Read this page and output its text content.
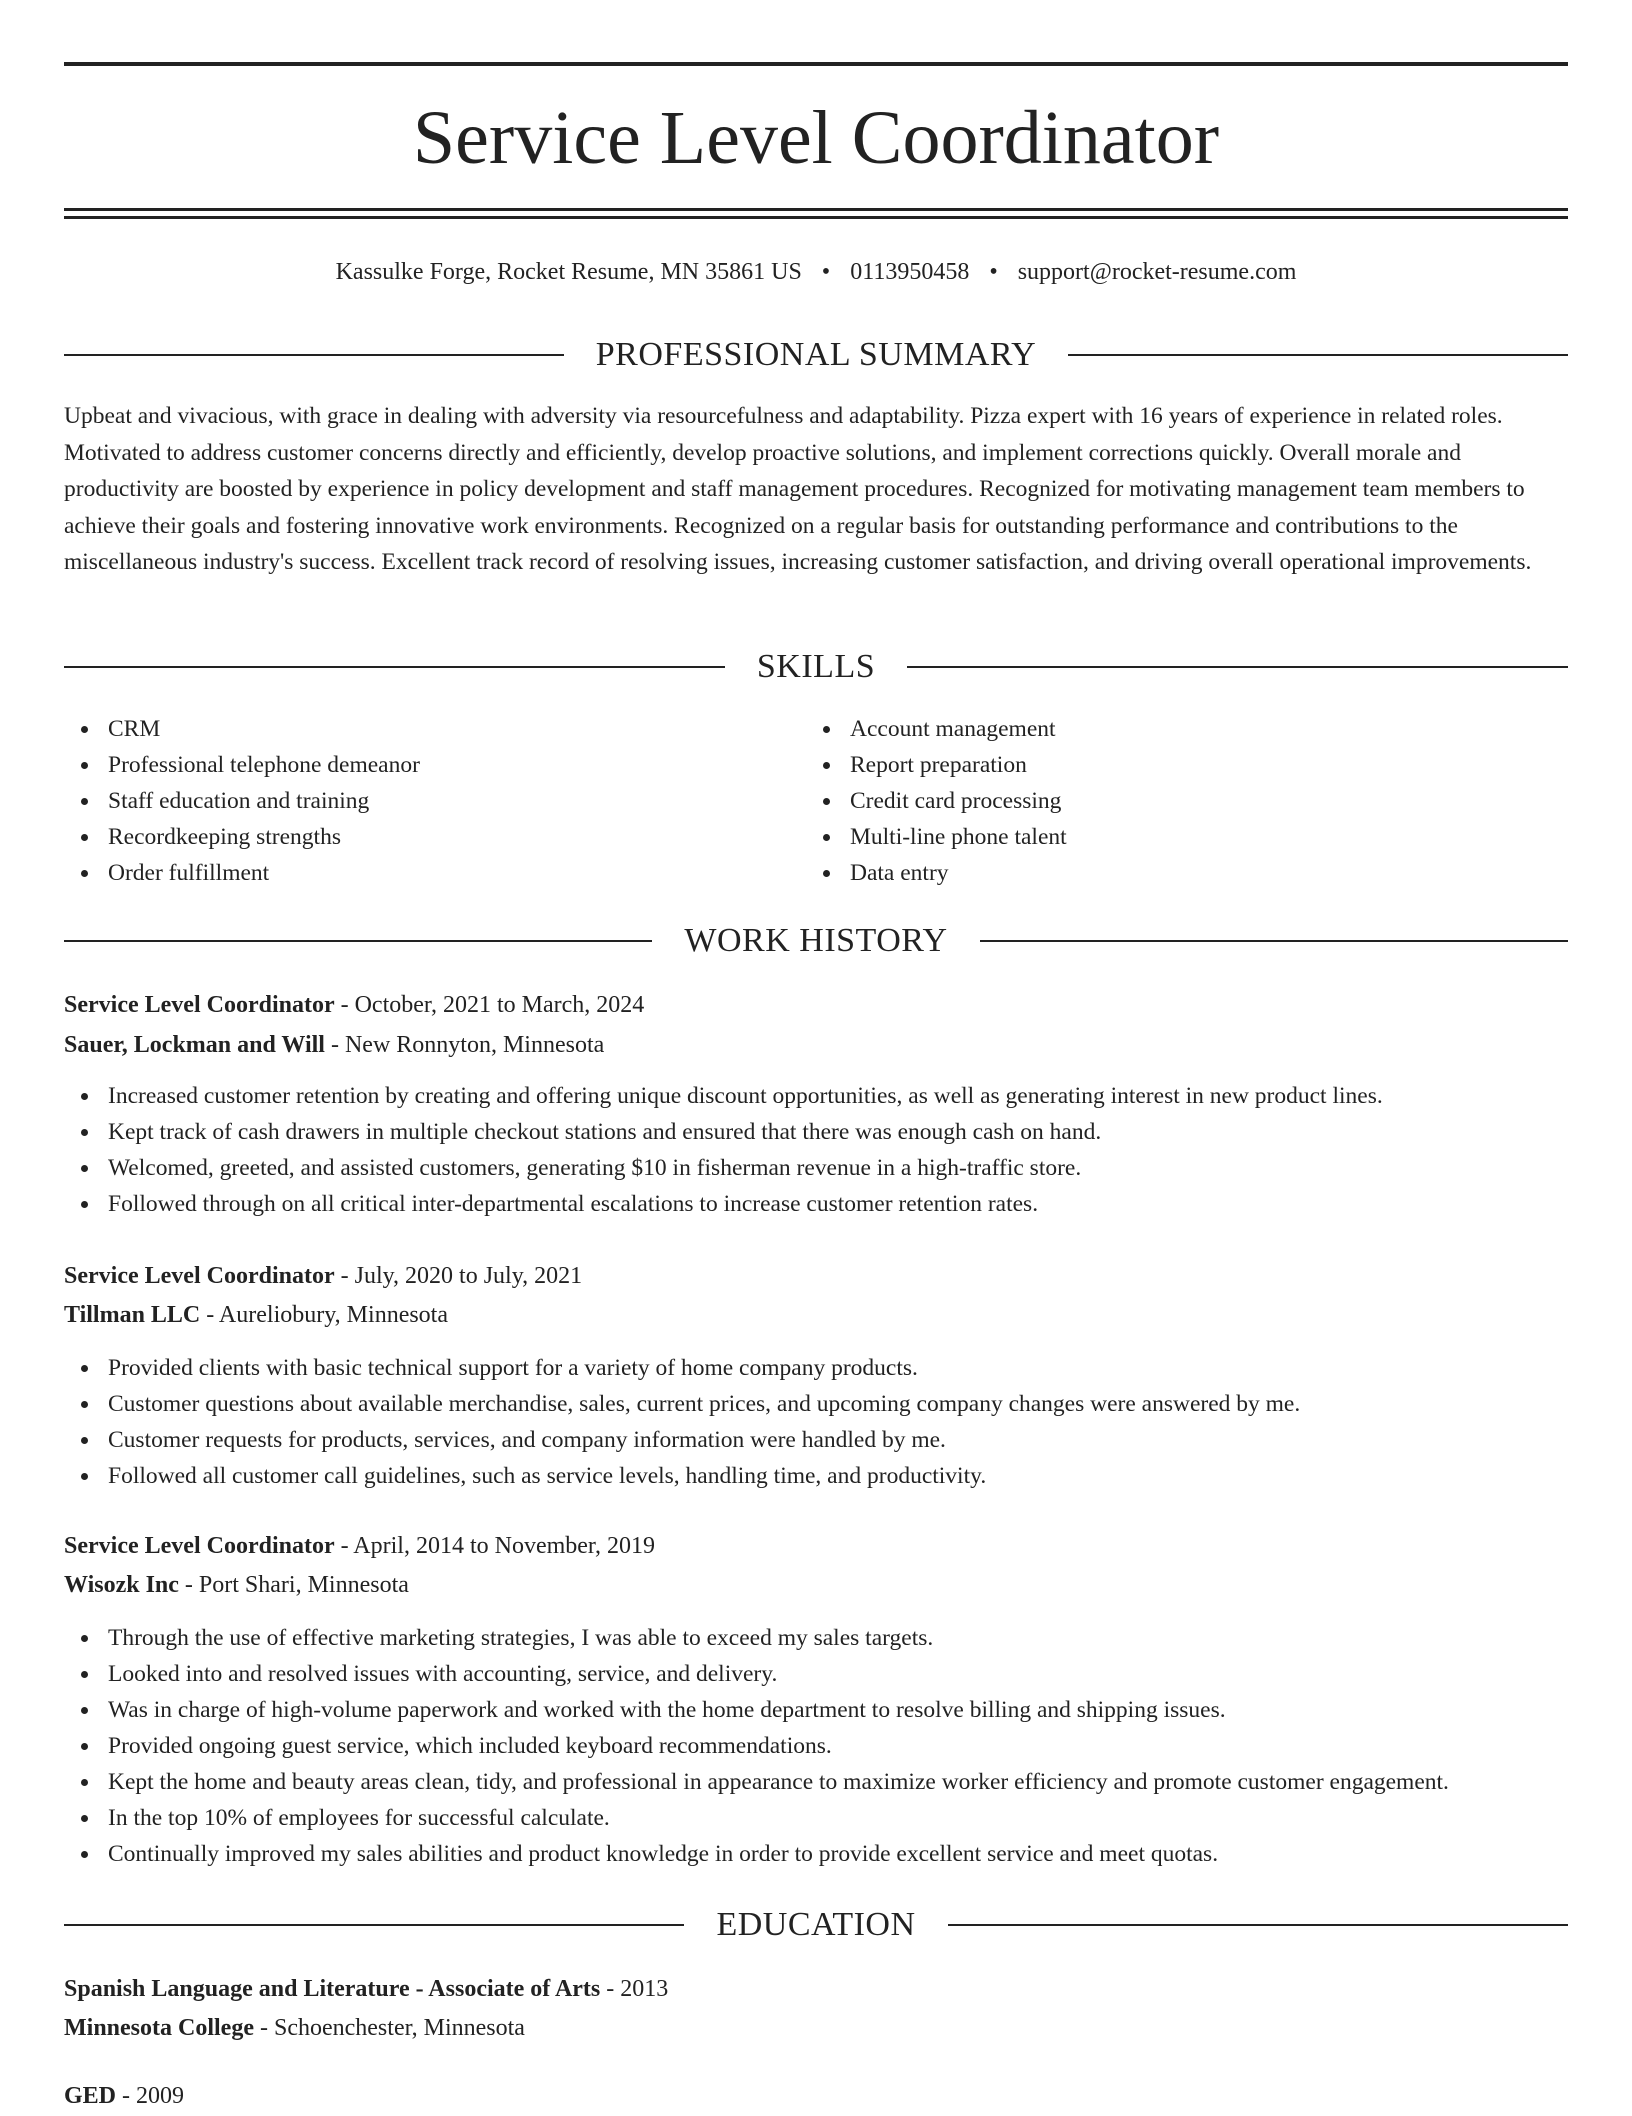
Service Level Coordinator
Kassulke Forge, Rocket Resume, MN 35861 US • 0113950458 • support@rocket-resume.com
PROFESSIONAL SUMMARY

Upbeat and vivacious, with grace in dealing with adversity via resourcefulness and adaptability. Pizza expert with 16 years of experience in related roles. Motivated to address customer concerns directly and efficiently, develop proactive solutions, and implement corrections quickly. Overall morale and productivity are boosted by experience in policy development and staff management procedures. Recognized for motivating management team members to achieve their goals and fostering innovative work environments. Recognized on a regular basis for outstanding performance and contributions to the miscellaneous industry's success. Excellent track record of resolving issues, increasing customer satisfaction, and driving overall operational improvements.

SKILLS
CRM
Professional telephone demeanor
Staff education and training
Recordkeeping strengths
Order fulfillment
Account management
Report preparation
Credit card processing
Multi-line phone talent
Data entry
WORK HISTORY
Service Level Coordinator - October, 2021 to March, 2024
Sauer, Lockman and Will - New Ronnyton, Minnesota
Increased customer retention by creating and offering unique discount opportunities, as well as generating interest in new product lines.
Kept track of cash drawers in multiple checkout stations and ensured that there was enough cash on hand.
Welcomed, greeted, and assisted customers, generating $10 in fisherman revenue in a high-traffic store.
Followed through on all critical inter-departmental escalations to increase customer retention rates.
Service Level Coordinator - July, 2020 to July, 2021
Tillman LLC - Aureliobury, Minnesota
Provided clients with basic technical support for a variety of home company products.
Customer questions about available merchandise, sales, current prices, and upcoming company changes were answered by me.
Customer requests for products, services, and company information were handled by me.
Followed all customer call guidelines, such as service levels, handling time, and productivity.
Service Level Coordinator - April, 2014 to November, 2019
Wisozk Inc - Port Shari, Minnesota
Through the use of effective marketing strategies, I was able to exceed my sales targets.
Looked into and resolved issues with accounting, service, and delivery.
Was in charge of high-volume paperwork and worked with the home department to resolve billing and shipping issues.
Provided ongoing guest service, which included keyboard recommendations.
Kept the home and beauty areas clean, tidy, and professional in appearance to maximize worker efficiency and promote customer engagement.
In the top 10% of employees for successful calculate.
Continually improved my sales abilities and product knowledge in order to provide excellent service and meet quotas.
EDUCATION
Spanish Language and Literature - Associate of Arts - 2013
Minnesota College - Schoenchester, Minnesota
GED - 2009
